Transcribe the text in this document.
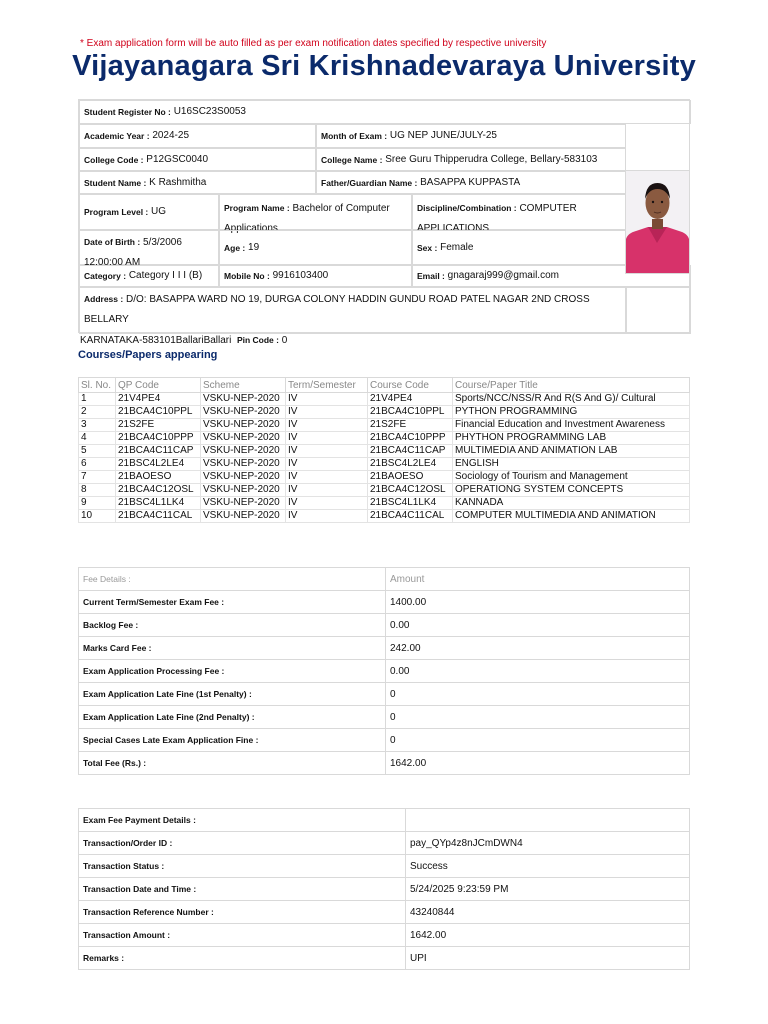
* Exam application form will be auto filled as per exam notification dates specified by respective university
Vijayanagara Sri Krishnadevaraya University
Student Register No :
U16SC23S0053
Academic Year :
2024-25	Month of Exam :
UG NEP JUNE/JULY-25
College Code :
P12GSC0040	College Name :
Sree Guru Thipperudra College, Bellary-583103
Student Name :
K Rashmitha	Father/Guardian Name :
BASAPPA KUPPASTA
Program Level :
UG	Program Name : Bachelor of Computer
Applications
Discipline/Combination : COMPUTER
APPLICATIONS
Date of Birth : 5/3/2006
12:00:00 AM
Age :
19	Sex :
Female
Category :
Category I I I (B)	Mobile No :
9916103400	Email :
gnagaraj999@gmail.com
Address : D/O: BASAPPA WARD NO 19, DURGA COLONY HADDIN GUNDU ROAD PATEL NAGAR 2ND CROSS BELLARY
KARNATAKA-583101BallariBallari Pin Code : 0
Courses/Papers appearing
Sl. No.	QP Code	Scheme	Term/Semester	Course Code	Course/Paper Title
1	21V4PE4	VSKU-NEP-2020	IV	21V4PE4	Sports/NCC/NSS/R And R(S And G)/ Cultural
2	21BCA4C10PPL	VSKU-NEP-2020	IV	21BCA4C10PPL	PYTHON PROGRAMMING
3	21S2FE	VSKU-NEP-2020	IV	21S2FE	Financial Education and Investment Awareness
4	21BCA4C10PPP	VSKU-NEP-2020	IV	21BCA4C10PPP	PHYTHON PROGRAMMING LAB
5	21BCA4C11CAP	VSKU-NEP-2020	IV	21BCA4C11CAP	MULTIMEDIA AND ANIMATION LAB
6	21BSC4L2LE4	VSKU-NEP-2020	IV	21BSC4L2LE4	ENGLISH
7	21BAOESO	VSKU-NEP-2020	IV	21BAOESO	Sociology of Tourism and Management
8	21BCA4C12OSL	VSKU-NEP-2020	IV	21BCA4C12OSL	OPERATIONG SYSTEM CONCEPTS
9	21BSC4L1LK4	VSKU-NEP-2020	IV	21BSC4L1LK4	KANNADA
10	21BCA4C11CAL	VSKU-NEP-2020	IV	21BCA4C11CAL	COMPUTER MULTIMEDIA AND ANIMATION
Fee Details :	Amount
Current Term/Semester Exam Fee :	1400.00
Backlog Fee :	0.00
Marks Card Fee :	242.00
Exam Application Processing Fee :	0.00
Exam Application Late Fine (1st Penalty) :	0
Exam Application Late Fine (2nd Penalty) :	0
Special Cases Late Exam Application Fine :	0
Total Fee (Rs.) :	1642.00
Exam Fee Payment Details :	
Transaction/Order ID :	pay_QYp4z8nJCmDWN4
Transaction Status :	Success
Transaction Date and Time :	5/24/2025 9:23:59 PM
Transaction Reference Number :	43240844
Transaction Amount :	1642.00
Remarks :	UPI
